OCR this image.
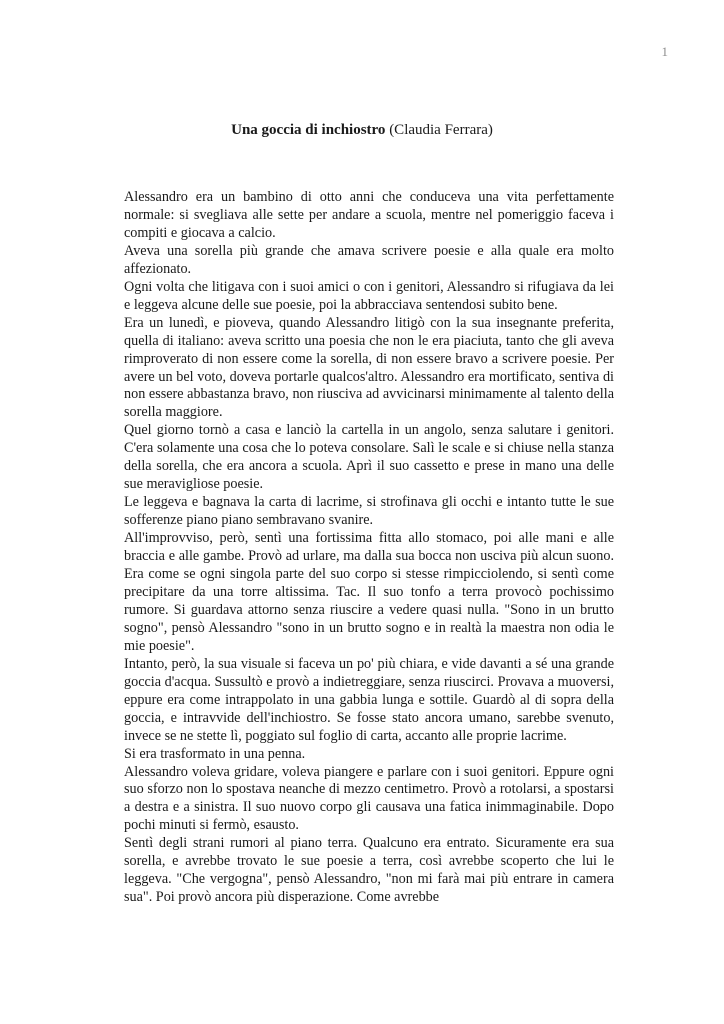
1
Una goccia di inchiostro (Claudia Ferrara)

Alessandro era un bambino di otto anni che conduceva una vita perfettamente normale: si svegliava alle sette per andare a scuola, mentre nel pomeriggio faceva i compiti e giocava a calcio.

Aveva una sorella più grande che amava scrivere poesie e alla quale era molto affezionato.

Ogni volta che litigava con i suoi amici o con i genitori, Alessandro si rifugiava da lei e leggeva alcune delle sue poesie, poi la abbracciava sentendosi subito bene.

Era un lunedì, e pioveva, quando Alessandro litigò con la sua insegnante preferita, quella di italiano: aveva scritto una poesia che non le era piaciuta, tanto che gli aveva rimproverato di non essere come la sorella, di non essere bravo a scrivere poesie. Per avere un bel voto, doveva portarle qualcos'altro. Alessandro era mortificato, sentiva di non essere abbastanza bravo, non riusciva ad avvicinarsi minimamente al talento della sorella maggiore.

Quel giorno tornò a casa e lanciò la cartella in un angolo, senza salutare i genitori. C'era solamente una cosa che lo poteva consolare. Salì le scale e si chiuse nella stanza della sorella, che era ancora a scuola. Aprì il suo cassetto e prese in mano una delle sue meravigliose poesie.

Le leggeva e bagnava la carta di lacrime, si strofinava gli occhi e intanto tutte le sue sofferenze piano piano sembravano svanire.

All'improvviso, però, sentì una fortissima fitta allo stomaco, poi alle mani e alle braccia e alle gambe. Provò ad urlare, ma dalla sua bocca non usciva più alcun suono. Era come se ogni singola parte del suo corpo si stesse rimpicciolendo, si sentì come precipitare da una torre altissima. Tac. Il suo tonfo a terra provocò pochissimo rumore. Si guardava attorno senza riuscire a vedere quasi nulla. "Sono in un brutto sogno", pensò Alessandro "sono in un brutto sogno e in realtà la maestra non odia le mie poesie".

Intanto, però, la sua visuale si faceva un po' più chiara, e vide davanti a sé una grande goccia d'acqua. Sussultò e provò a indietreggiare, senza riuscirci. Provava a muoversi, eppure era come intrappolato in una gabbia lunga e sottile. Guardò al di sopra della goccia, e intravvide dell'inchiostro. Se fosse stato ancora umano, sarebbe svenuto, invece se ne stette lì, poggiato sul foglio di carta, accanto alle proprie lacrime.

Si era trasformato in una penna.

Alessandro voleva gridare, voleva piangere e parlare con i suoi genitori. Eppure ogni suo sforzo non lo spostava neanche di mezzo centimetro. Provò a rotolarsi, a spostarsi a destra e a sinistra. Il suo nuovo corpo gli causava una fatica inimmaginabile. Dopo pochi minuti si fermò, esausto.

Sentì degli strani rumori al piano terra. Qualcuno era entrato. Sicuramente era sua sorella, e avrebbe trovato le sue poesie a terra, così avrebbe scoperto che lui le leggeva. "Che vergogna", pensò Alessandro, "non mi farà mai più entrare in camera sua". Poi provò ancora più disperazione. Come avrebbe
